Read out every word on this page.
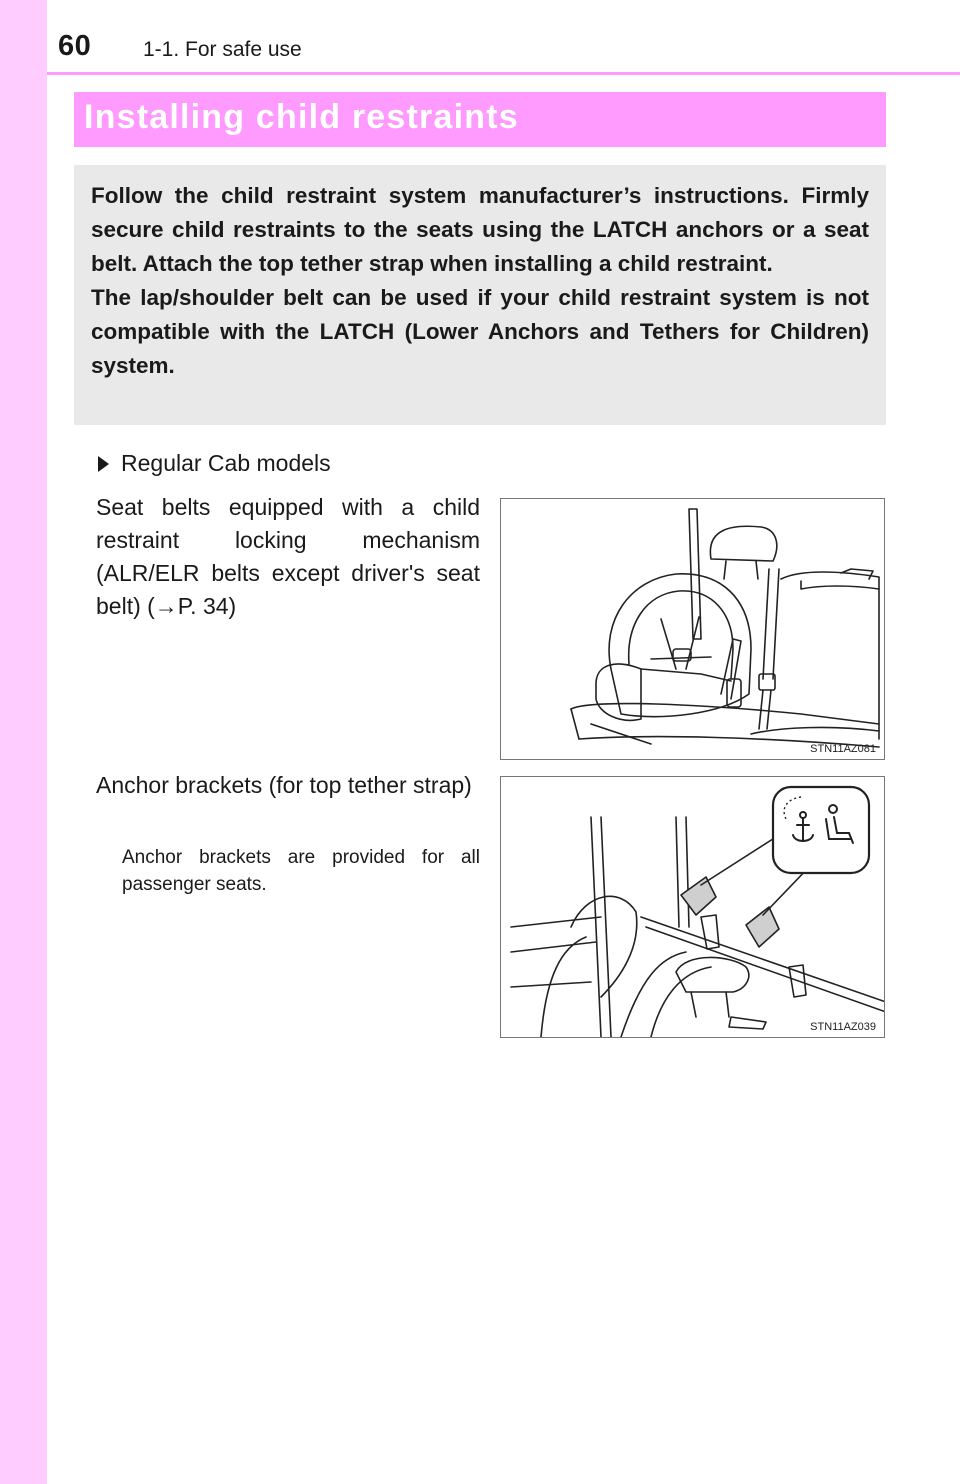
60 1-1. For safe use
Installing child restraints

Follow the child restraint system manufacturer’s instructions. Firmly secure child restraints to the seats using the LATCH anchors or a seat belt. Attach the top tether strap when installing a child restraint.

The lap/shoulder belt can be used if your child restraint system is not compatible with the LATCH (Lower Anchors and Tethers for Children) system.

Regular Cab models

Seat belts equipped with a child restraint locking mechanism (ALR/ELR belts except driver's seat belt) (→P. 34)

STN11AZ081

Anchor brackets (for top tether strap)

Anchor brackets are provided for all passenger seats.

STN11AZ039
